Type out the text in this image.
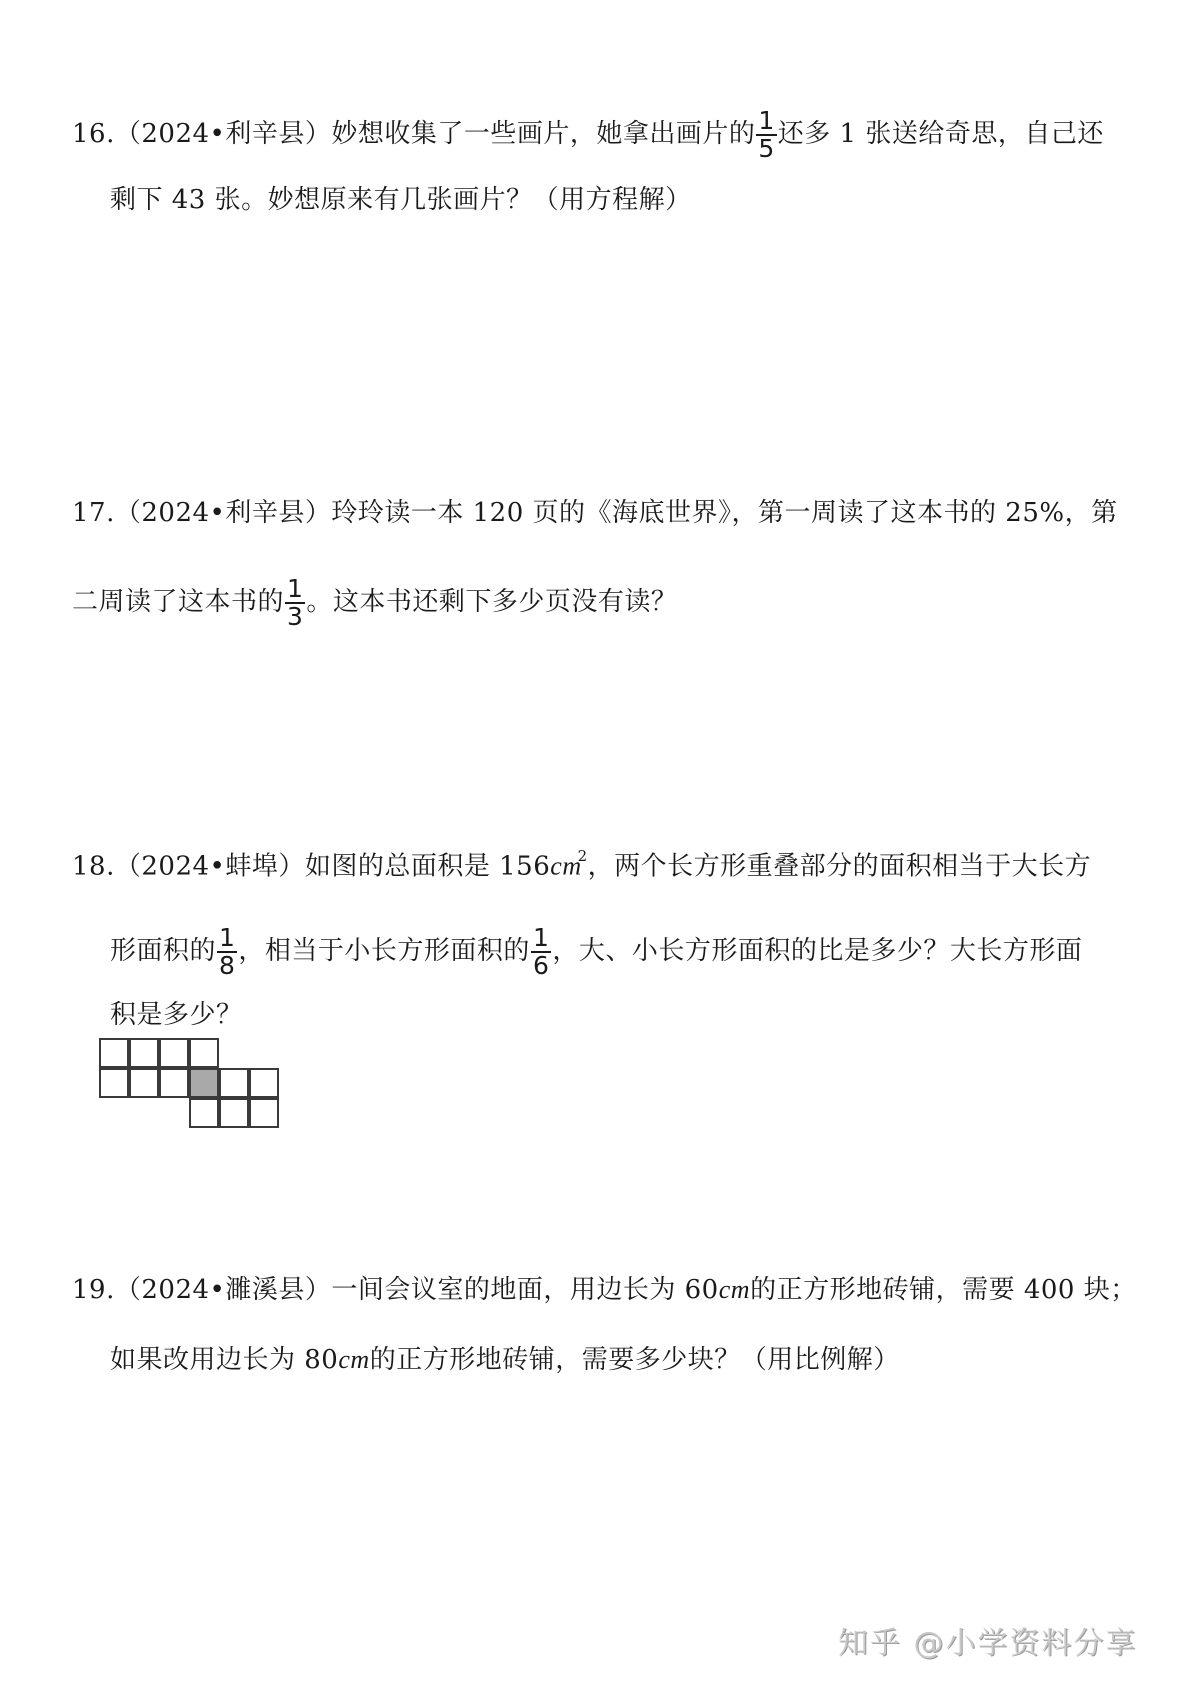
16.（2024•利辛县）妙想收集了一些画片，她拿出画片的 $\frac{1}{5}$ 还多 1 张送给奇思，自己还
剩下 43 张。妙想原来有几张画片？（用方程解）
17.（2024•利辛县）玲玲读一本 120 页的《海底世界》，第一周读了这本书的 25%，第
二周读了这本书的 $\frac{1}{3}$ 。这本书还剩下多少页没有读？
18.（2024•蚌埠）如图的总面积是 $156cm^2$，两个长方形重叠部分的面积相当于大长方
形面积的 $\frac{1}{8}$ ，相当于小长方形面积的 $\frac{1}{6}$ ，大、小长方形面积的比是多少？大长方形面
积是多少？
19.（2024•濉溪县）一间会议室的地面，用边长为 60cm的正方形地砖铺，需要 400 块；
如果改用边长为 80cm的正方形地砖铺，需要多少块？（用比例解）
知乎 @小学资料分享
